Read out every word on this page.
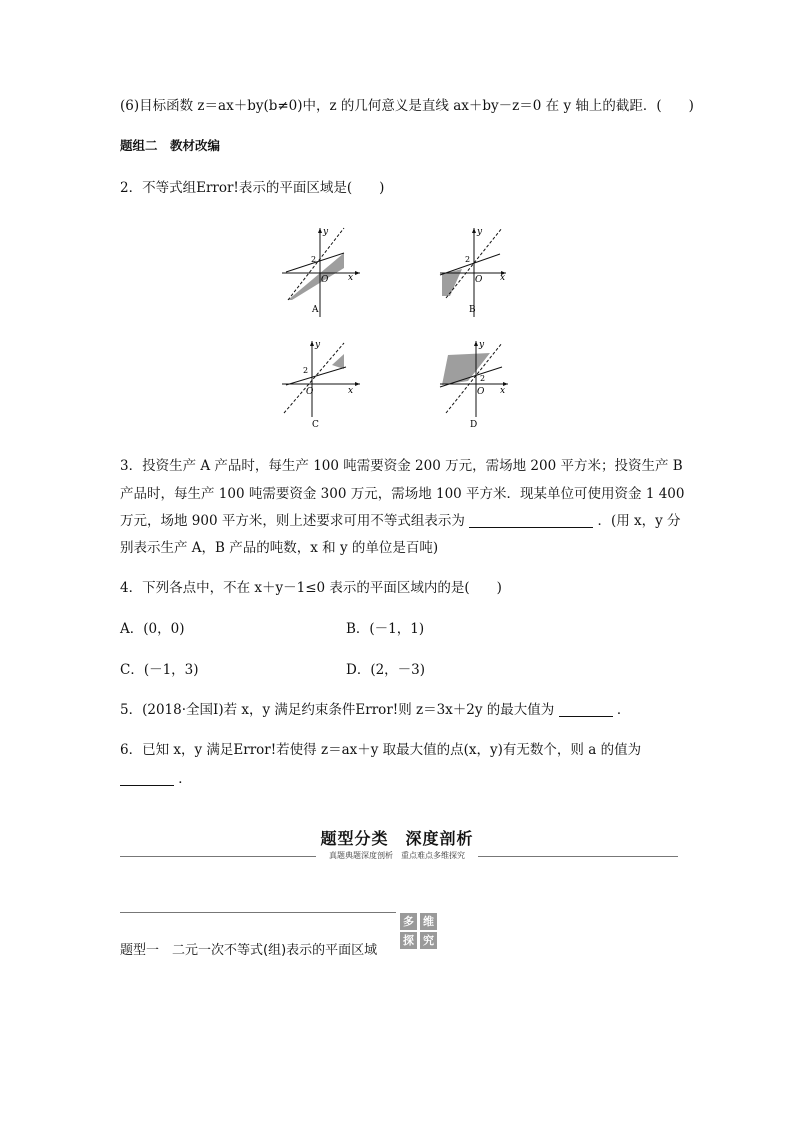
(6)目标函数 z＝ax＋by(b≠0)中，z 的几何意义是直线 ax＋by－z＝0 在 y 轴上的截距．(　　)
题组二　教材改编
2．不等式组Error!表示的平面区域是(　　)
y
x
2
O
A
y
x
2
O
B
y
x
2
O
C
y
x
2
O
D
3．投资生产 A 产品时，每生产 100 吨需要资金 200 万元，需场地 200 平方米；投资生产 B
产品时，每生产 100 吨需要资金 300 万元，需场地 100 平方米．现某单位可使用资金 1 400
万元，场地 900 平方米，则上述要求可用不等式组表示为	．(用 x，y 分
别表示生产 A，B 产品的吨数，x 和 y 的单位是百吨)
4．下列各点中，不在 x＋y－1≤0 表示的平面区域内的是(　　)
A．(0，0)	B．(－1，1)
C．(－1，3)	D．(2，－3)
5．(2018·全国Ⅰ)若 x，y 满足约束条件Error!则 z＝3x＋2y 的最大值为	．
6．已知 x，y 满足Error!若使得 z＝ax＋y 取最大值的点(x，y)有无数个，则 a 的值为
．
题型分类　深度剖析
真题典题深度剖析　重点难点多维探究
题型一　二元一次不等式(组)表示的平面区域
多 维
探 究
